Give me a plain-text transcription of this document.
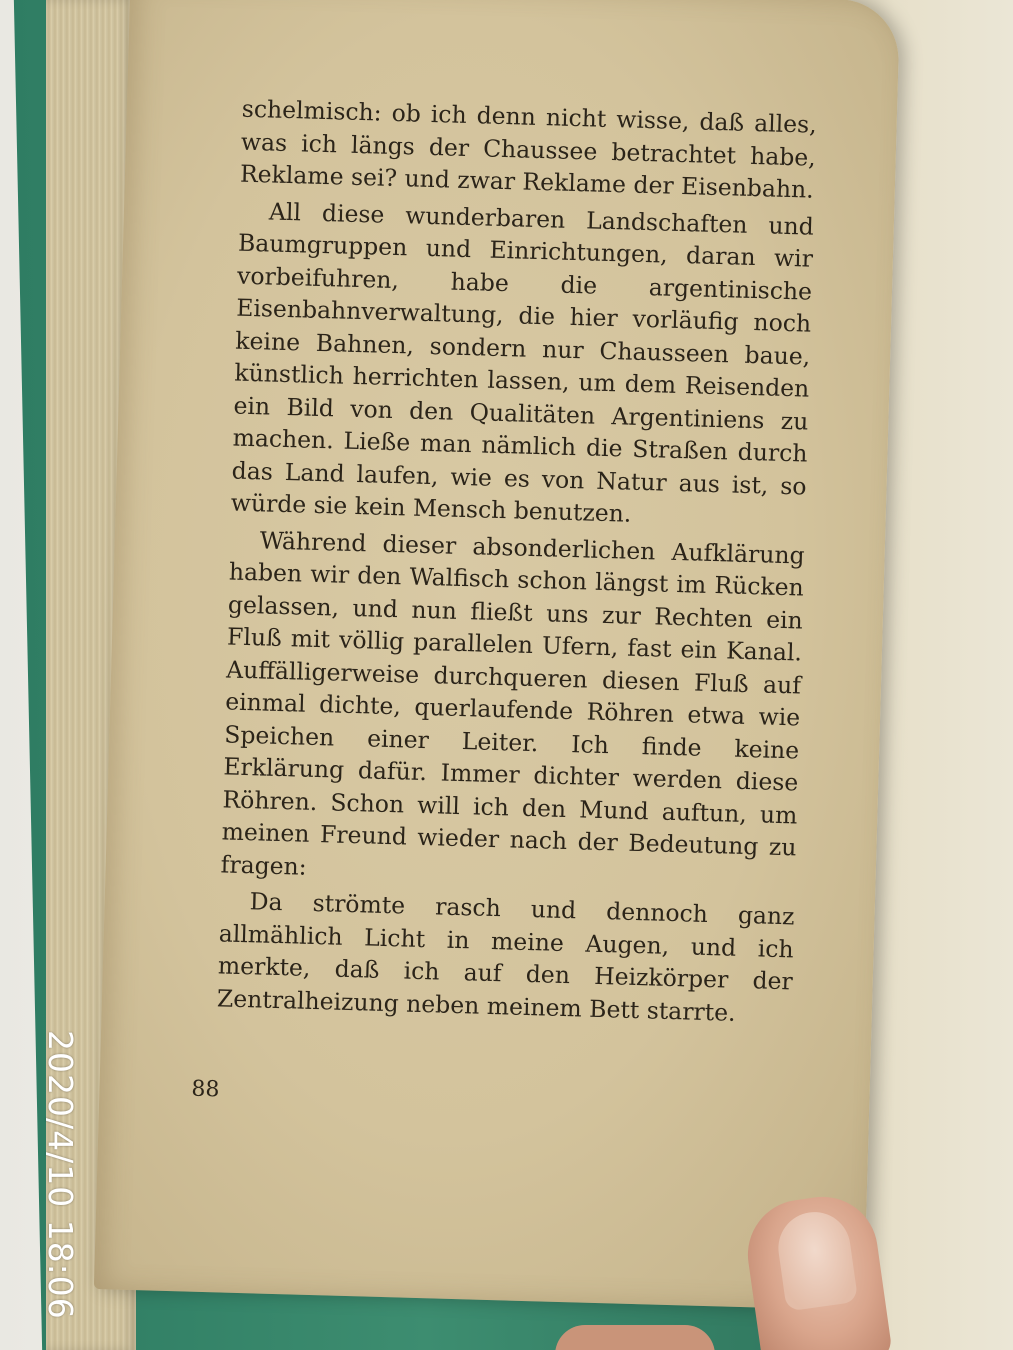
schelmisch: ob ich denn nicht wisse, daß alles, was ich längs der Chaussee betrachtet habe, Reklame sei? und zwar Reklame der Eisenbahn.

All diese wunderbaren Landschaften und Baumgruppen und Einrichtungen, daran wir vorbeifuhren, habe die argentinische Eisenbahnverwaltung, die hier vorläufig noch keine Bahnen, sondern nur Chausseen baue, künstlich herrichten lassen, um dem Reisenden ein Bild von den Qualitäten Argentiniens zu machen. Ließe man nämlich die Straßen durch das Land laufen, wie es von Natur aus ist, so würde sie kein Mensch benutzen.

Während dieser absonderlichen Aufklärung haben wir den Walfisch schon längst im Rücken gelassen, und nun fließt uns zur Rechten ein Fluß mit völlig parallelen Ufern, fast ein Kanal. Auffälligerweise durchqueren diesen Fluß auf einmal dichte, querlaufende Röhren etwa wie Speichen einer Leiter. Ich finde keine Erklärung dafür. Immer dichter werden diese Röhren. Schon will ich den Mund auftun, um meinen Freund wieder nach der Bedeutung zu fragen:

Da strömte rasch und dennoch ganz allmählich Licht in meine Augen, und ich merkte, daß ich auf den Heizkörper der Zentralheizung neben meinem Bett starrte.

88
2020/4/10 18:06
